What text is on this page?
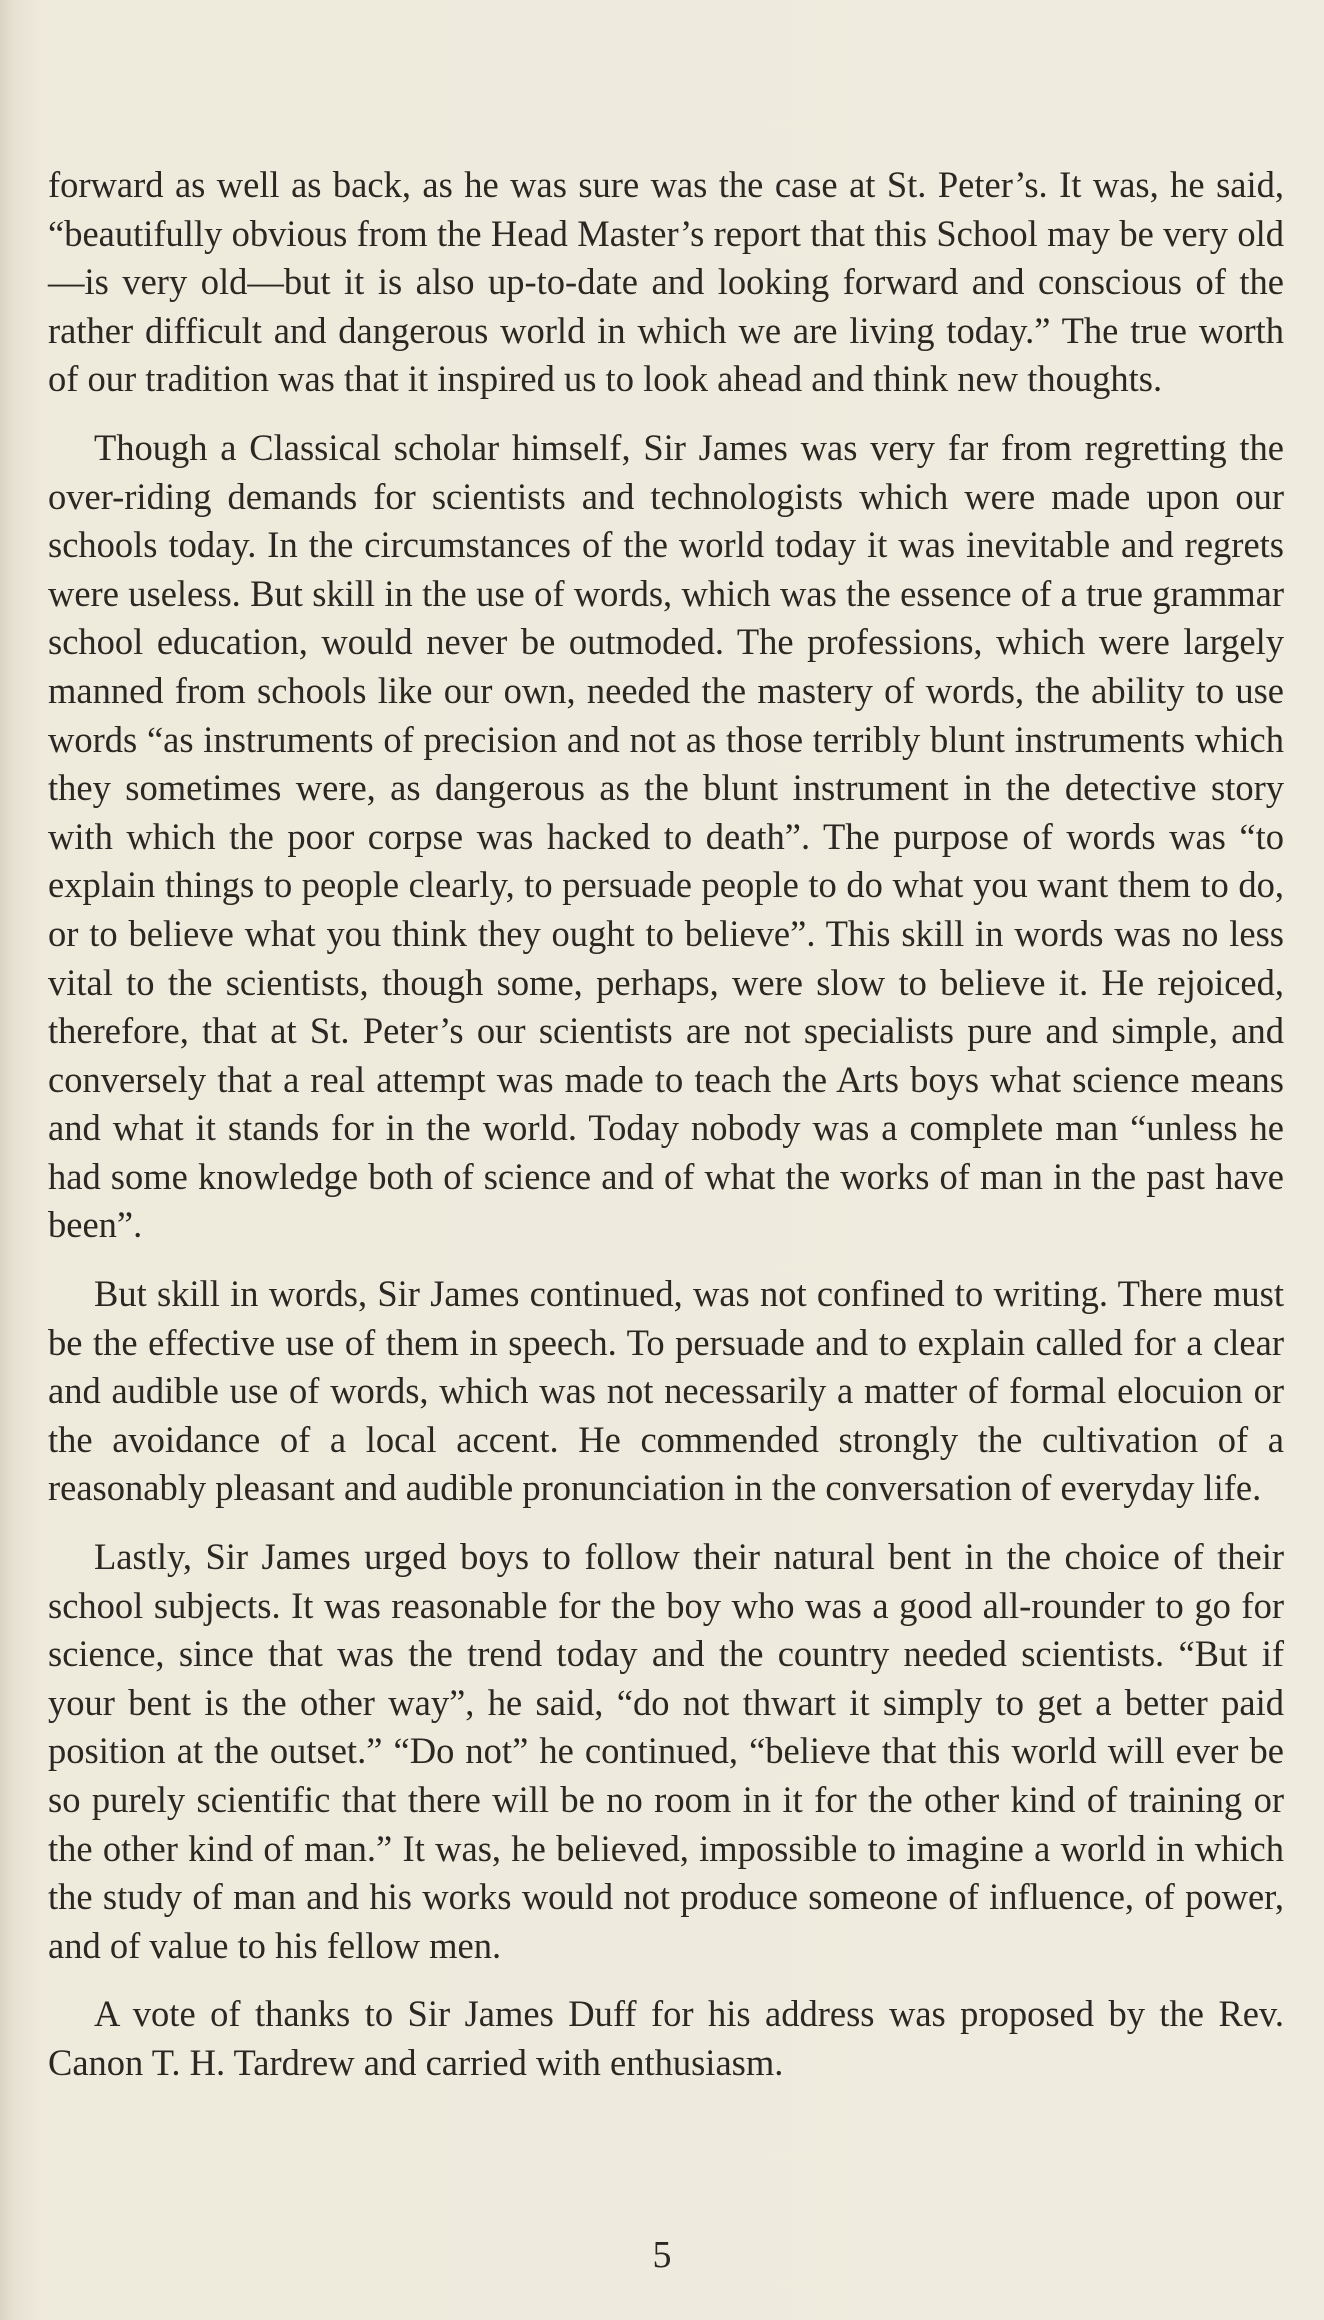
forward as well as back, as he was sure was the case at St. Peter’s. It was, he said, “beautifully obvious from the Head Master’s report that this School may be very old—is very old—but it is also up-to-date and looking forward and conscious of the rather difficult and dangerous world in which we are living today.” The true worth of our tradition was that it inspired us to look ahead and think new thoughts.

Though a Classical scholar himself, Sir James was very far from regretting the over-riding demands for scientists and technologists which were made upon our schools today. In the circumstances of the world today it was inevitable and regrets were useless. But skill in the use of words, which was the essence of a true grammar school education, would never be outmoded. The professions, which were largely manned from schools like our own, needed the mastery of words, the ability to use words “as instruments of precision and not as those terribly blunt instruments which they sometimes were, as dangerous as the blunt instrument in the detective story with which the poor corpse was hacked to death”. The purpose of words was “to explain things to people clearly, to persuade people to do what you want them to do, or to believe what you think they ought to believe”. This skill in words was no less vital to the scientists, though some, perhaps, were slow to believe it. He rejoiced, therefore, that at St. Peter’s our scientists are not specialists pure and simple, and conversely that a real attempt was made to teach the Arts boys what science means and what it stands for in the world. Today nobody was a complete man “unless he had some knowledge both of science and of what the works of man in the past have been”.

But skill in words, Sir James continued, was not confined to writing. There must be the effective use of them in speech. To persuade and to explain called for a clear and audible use of words, which was not necessarily a matter of formal elocuion or the avoidance of a local accent. He commended strongly the cultivation of a reasonably pleasant and audible pronunciation in the conversation of everyday life.

Lastly, Sir James urged boys to follow their natural bent in the choice of their school subjects. It was reasonable for the boy who was a good all-rounder to go for science, since that was the trend today and the country needed scientists. “But if your bent is the other way”, he said, “do not thwart it simply to get a better paid position at the outset.” “Do not” he continued, “believe that this world will ever be so purely scientific that there will be no room in it for the other kind of training or the other kind of man.” It was, he believed, impossible to imagine a world in which the study of man and his works would not produce someone of influence, of power, and of value to his fellow men.

A vote of thanks to Sir James Duff for his address was proposed by the Rev. Canon T. H. Tardrew and carried with enthusiasm.

5
